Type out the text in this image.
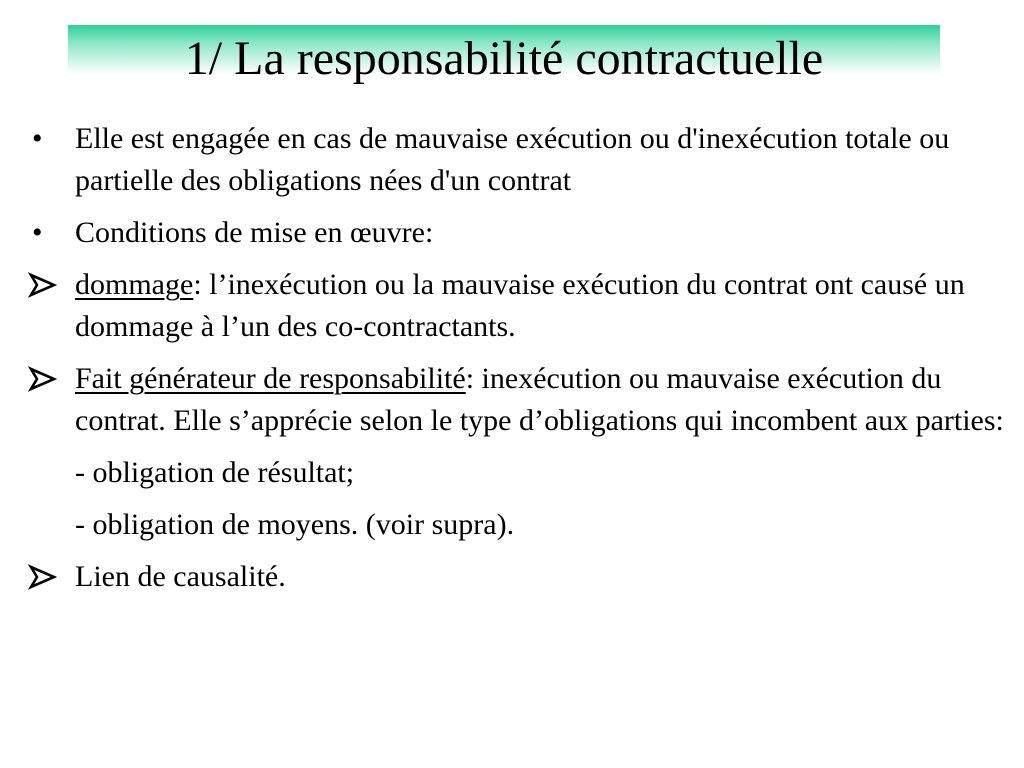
1/ La responsabilité contractuelle
• Elle est engagée en cas de mauvaise exécution ou d'inexécution totale ou partielle des obligations nées d'un contrat
• Conditions de mise en œuvre:
dommage: l’inexécution ou la mauvaise exécution du contrat ont causé un dommage à l’un des co-contractants.
Fait générateur de responsabilité: inexécution ou mauvaise exécution du contrat. Elle s’apprécie selon le type d’obligations qui incombent aux parties:
- obligation de résultat;
- obligation de moyens. (voir supra).
Lien de causalité.
